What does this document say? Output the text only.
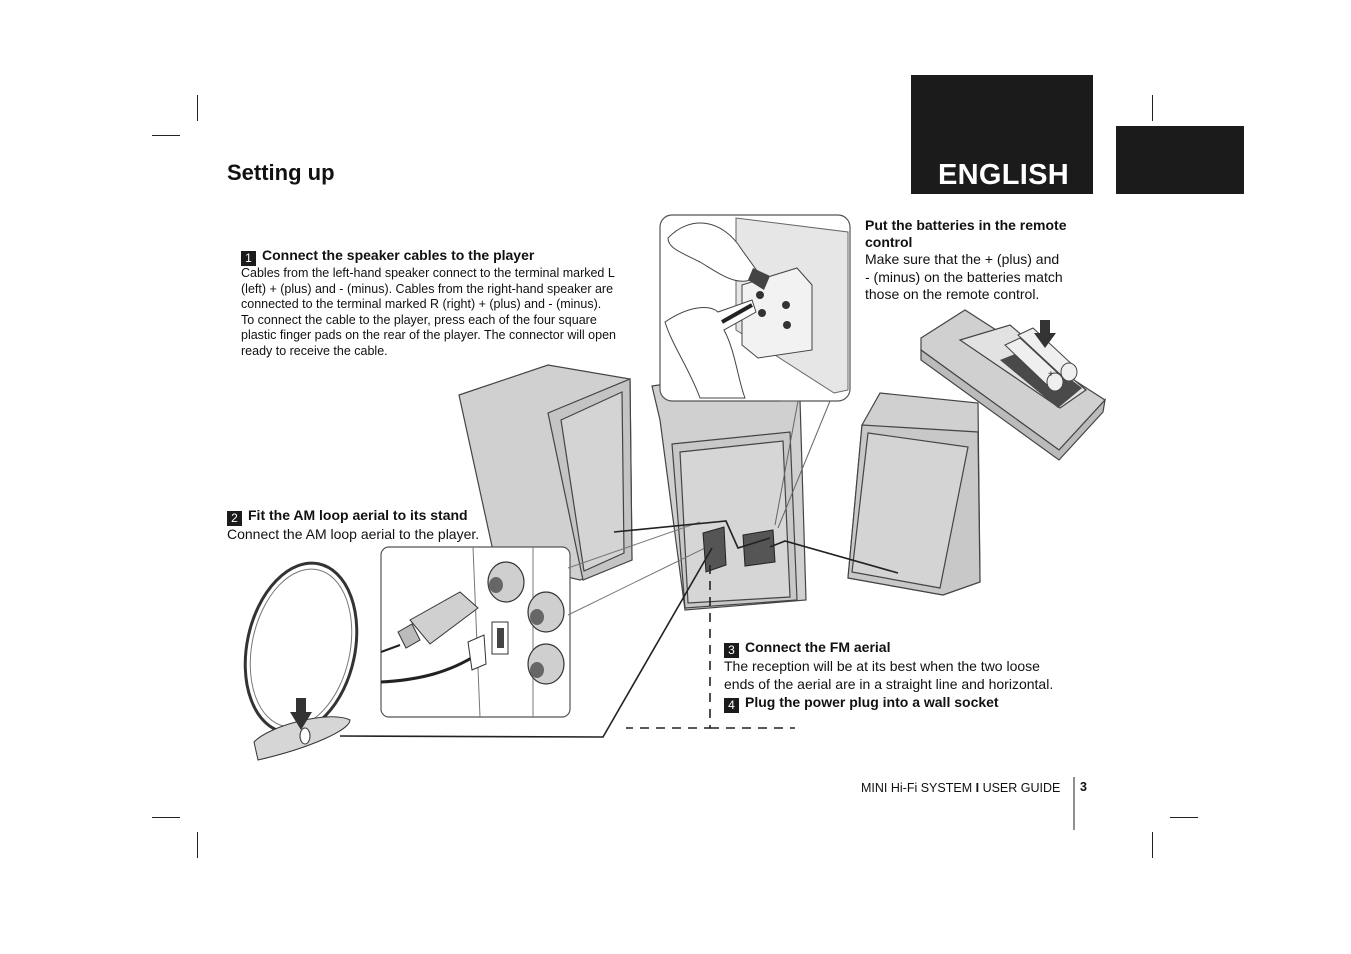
ENGLISH
Setting up
+
1 Connect the speaker cables to the player
Cables from the left-hand speaker connect to the terminal marked L
(left) + (plus) and - (minus). Cables from the right-hand speaker are
connected to the terminal marked R (right) + (plus) and - (minus).
To connect the cable to the player, press each of the four square
plastic finger pads on the rear of the player. The connector will open
ready to receive the cable.
Put the batteries in the remote
control
Make sure that the + (plus) and
- (minus) on the batteries match
those on the remote control.
2 Fit the AM loop aerial to its stand
Connect the AM loop aerial to the player.
3 Connect the FM aerial
The reception will be at its best when the two loose
ends of the aerial are in a straight line and horizontal.
4 Plug the power plug into a wall socket
MINI Hi-Fi SYSTEM I USER GUIDE 3
